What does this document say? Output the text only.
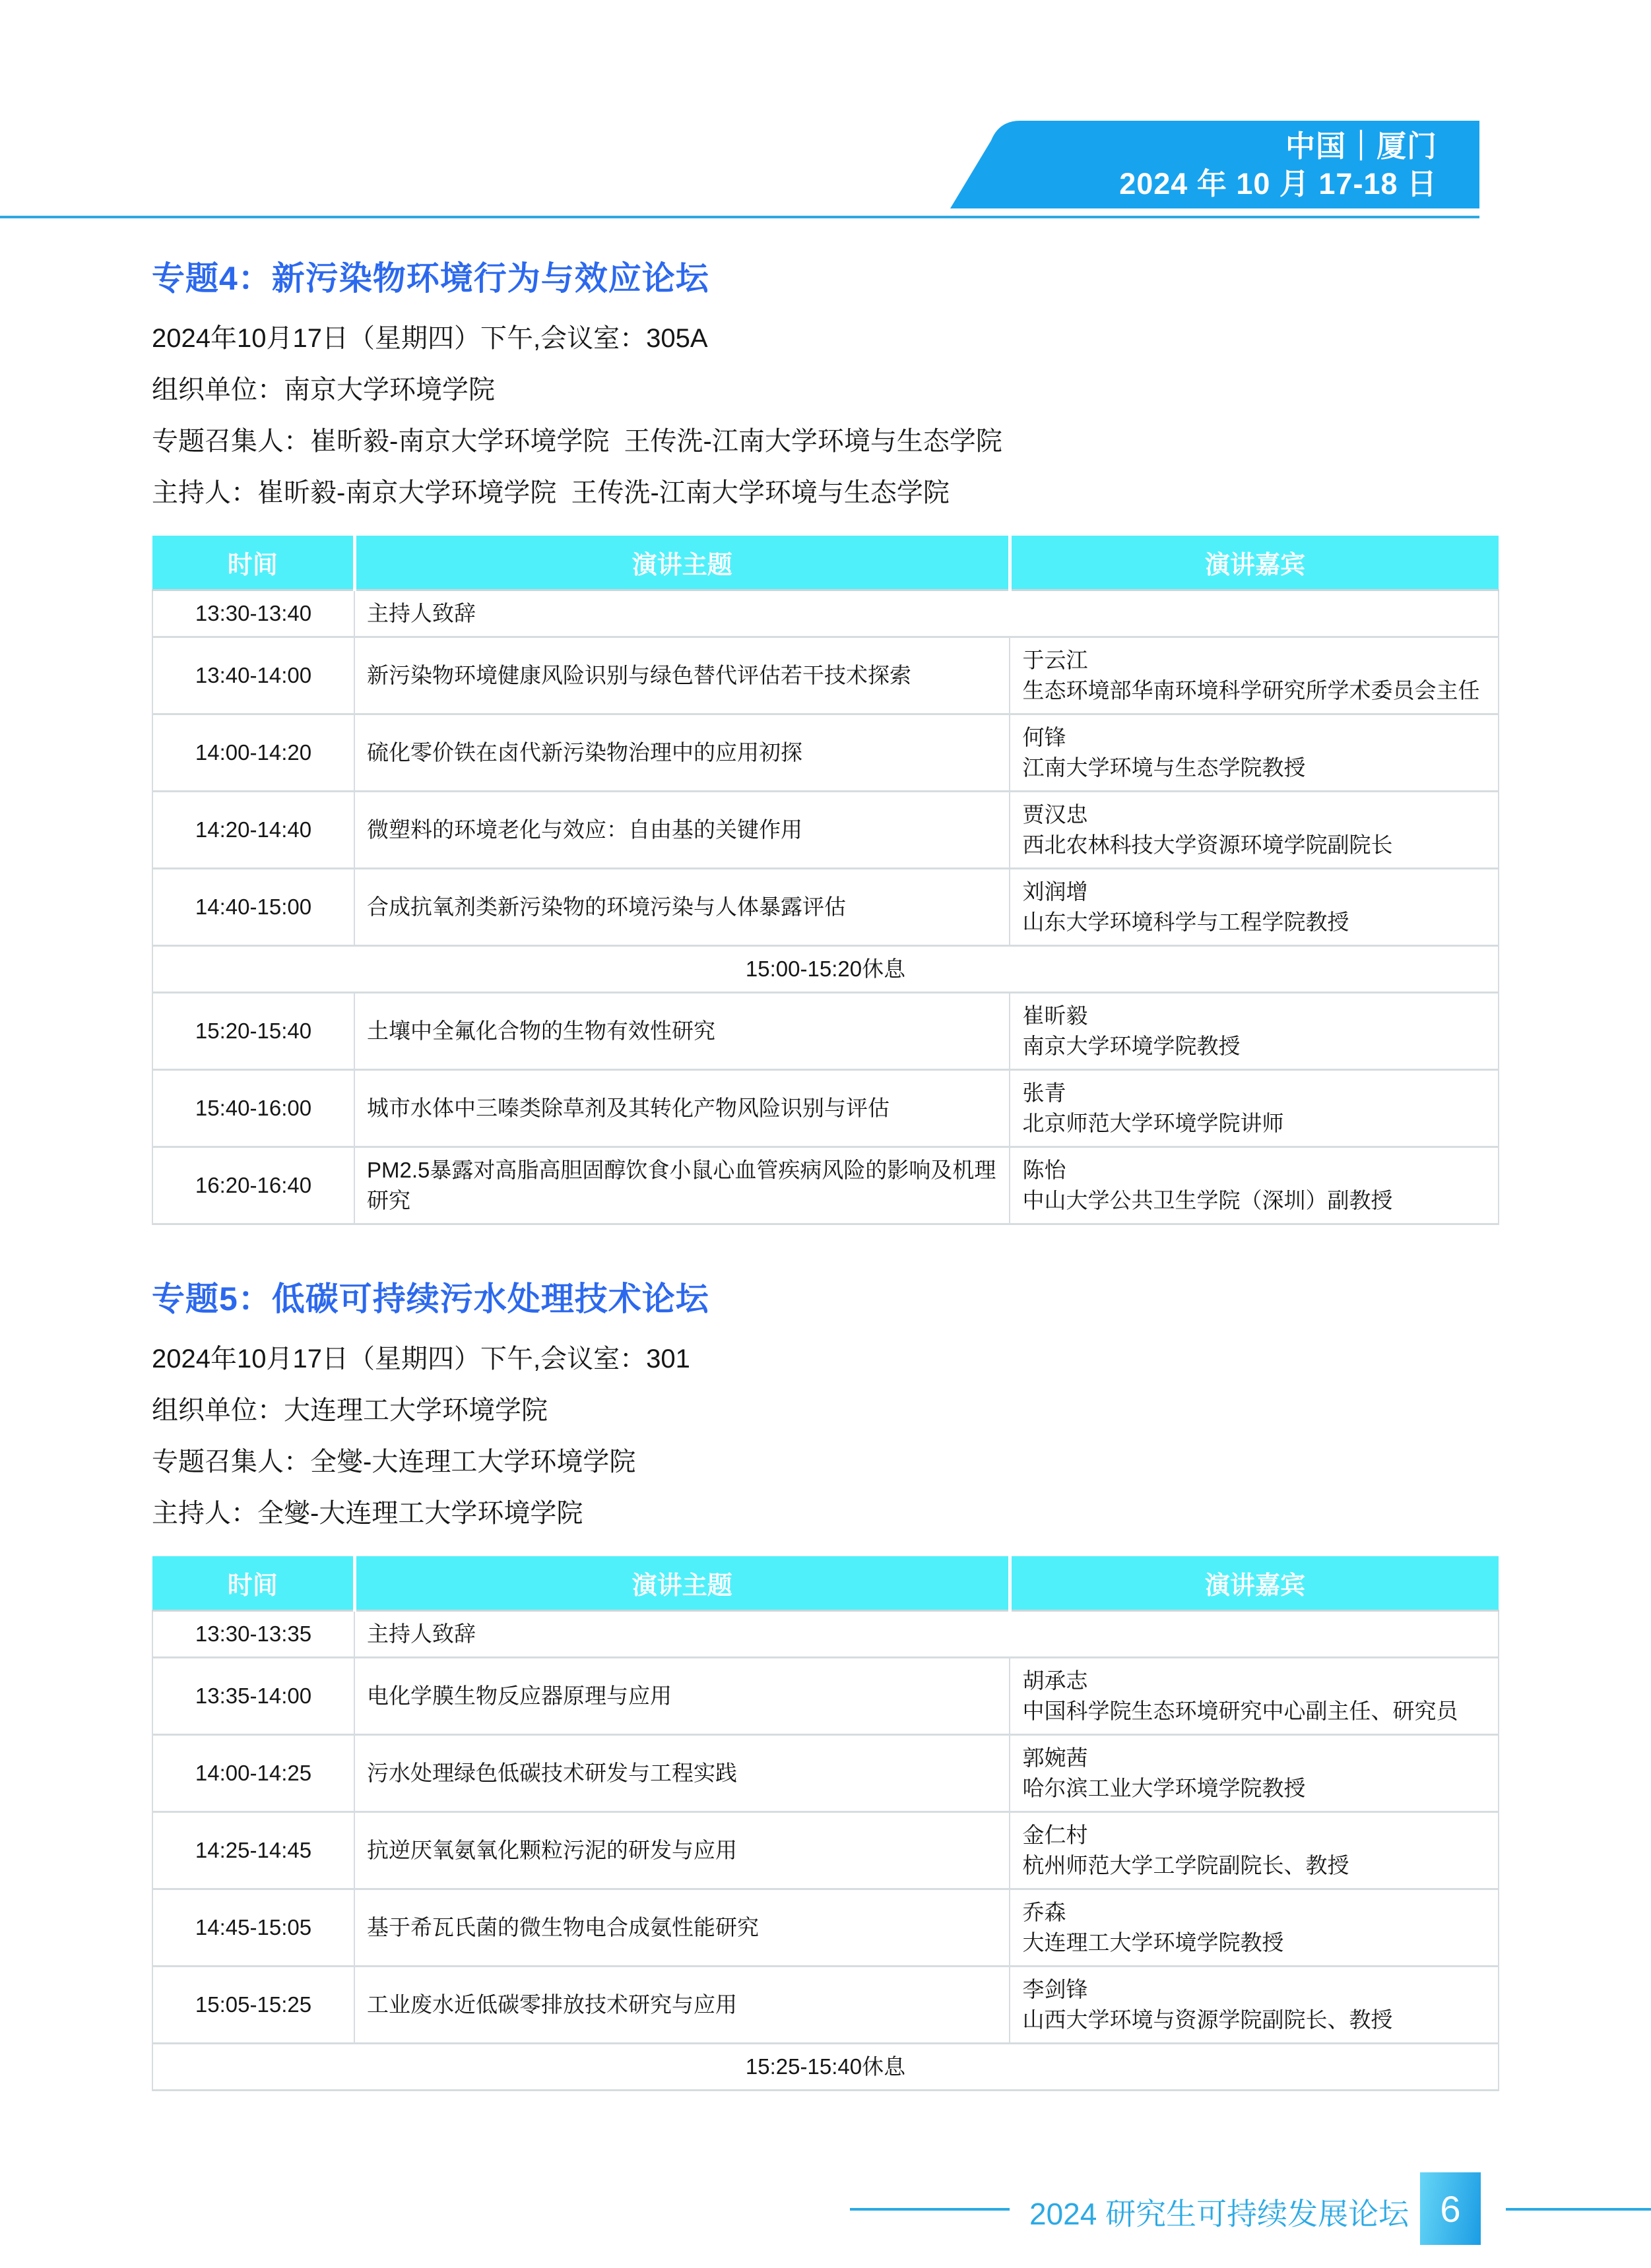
中国｜厦门
2024 年 10 月 17-18 日
专题4：新污染物环境行为与效应论坛

2024年10月17日（星期四）下午,会议室：305A

组织单位：南京大学环境学院

专题召集人：崔昕毅-南京大学环境学院  王传洗-江南大学环境与生态学院

主持人：崔昕毅-南京大学环境学院  王传洗-江南大学环境与生态学院

时间	演讲主题	演讲嘉宾
13:30-13:40	主持人致辞	
13:40-14:00	新污染物环境健康风险识别与绿色替代评估若干技术探索	于云江
生态环境部华南环境科学研究所学术委员会主任

14:00-14:20	硫化零价铁在卤代新污染物治理中的应用初探	何锋
江南大学环境与生态学院教授

14:20-14:40	微塑料的环境老化与效应：自由基的关键作用	贾汉忠
西北农林科技大学资源环境学院副院长

14:40-15:00	合成抗氧剂类新污染物的环境污染与人体暴露评估	刘润增
山东大学环境科学与工程学院教授

15:00-15:20休息		
15:20-15:40	土壤中全氟化合物的生物有效性研究	崔昕毅
南京大学环境学院教授

15:40-16:00	城市水体中三嗪类除草剂及其转化产物风险识别与评估	张青
北京师范大学环境学院讲师

16:20-16:40	PM2.5暴露对高脂高胆固醇饮食小鼠心血管疾病风险的影响及机理研究	陈怡
中山大学公共卫生学院（深圳）副教授
专题5：低碳可持续污水处理技术论坛

2024年10月17日（星期四）下午,会议室：301

组织单位：大连理工大学环境学院

专题召集人：全燮-大连理工大学环境学院

主持人：全燮-大连理工大学环境学院

时间	演讲主题	演讲嘉宾
13:30-13:35	主持人致辞	
13:35-14:00	电化学膜生物反应器原理与应用	胡承志
中国科学院生态环境研究中心副主任、研究员

14:00-14:25	污水处理绿色低碳技术研发与工程实践	郭婉茜
哈尔滨工业大学环境学院教授

14:25-14:45	抗逆厌氧氨氧化颗粒污泥的研发与应用	金仁村
杭州师范大学工学院副院长、教授

14:45-15:05	基于希瓦氏菌的微生物电合成氨性能研究	乔森
大连理工大学环境学院教授

15:05-15:25	工业废水近低碳零排放技术研究与应用	李剑锋
山西大学环境与资源学院副院长、教授

15:25-15:40休息		
2024 研究生可持续发展论坛 6
